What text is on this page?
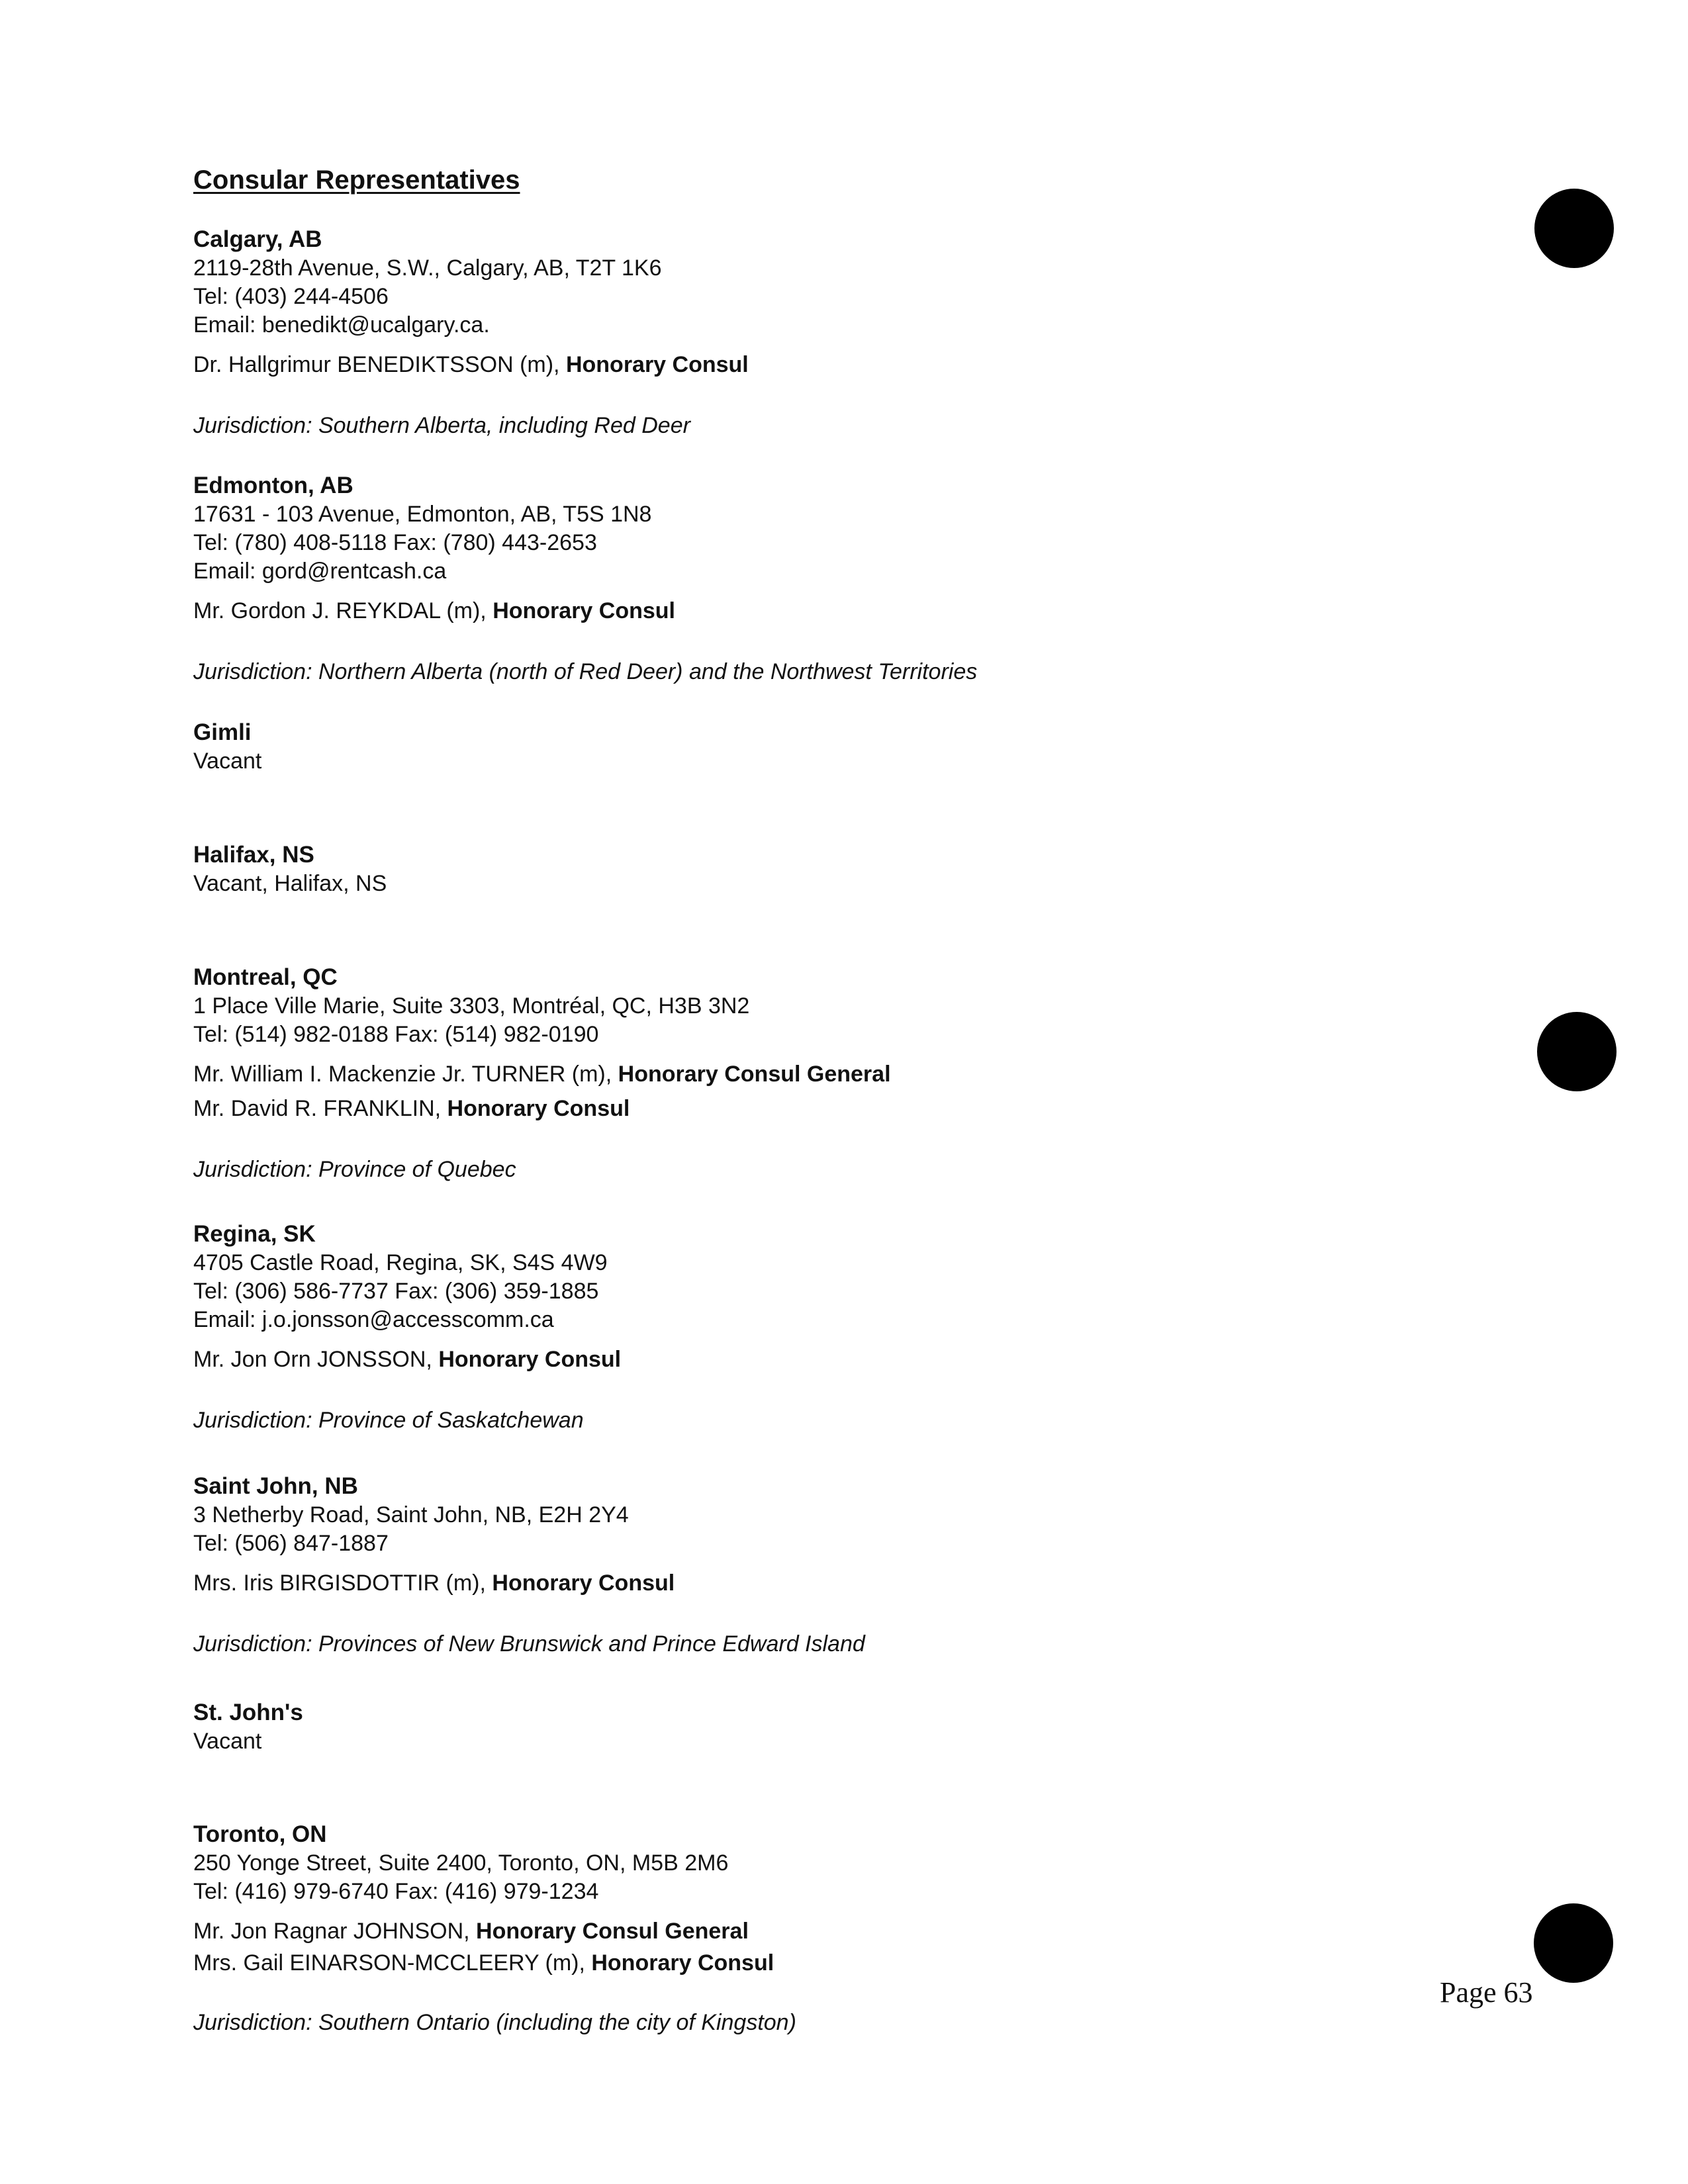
Consular Representatives

Calgary, AB

2119-28th Avenue, S.W., Calgary, AB, T2T 1K6

Tel: (403) 244-4506

Email: benedikt@ucalgary.ca.

Dr. Hallgrimur BENEDIKTSSON (m), Honorary Consul

Jurisdiction: Southern Alberta, including Red Deer

Edmonton, AB

17631 - 103 Avenue, Edmonton, AB, T5S 1N8

Tel: (780) 408-5118 Fax: (780) 443-2653

Email: gord@rentcash.ca

Mr. Gordon J. REYKDAL (m), Honorary Consul

Jurisdiction: Northern Alberta (north of Red Deer) and the Northwest Territories

Gimli

Vacant

Halifax, NS

Vacant, Halifax, NS

Montreal, QC

1 Place Ville Marie, Suite 3303, Montréal, QC, H3B 3N2

Tel: (514) 982-0188 Fax: (514) 982-0190

Mr. William I. Mackenzie Jr. TURNER (m), Honorary Consul General

Mr. David R. FRANKLIN, Honorary Consul

Jurisdiction: Province of Quebec

Regina, SK

4705 Castle Road, Regina, SK, S4S 4W9

Tel: (306) 586-7737 Fax: (306) 359-1885

Email: j.o.jonsson@accesscomm.ca

Mr. Jon Orn JONSSON, Honorary Consul

Jurisdiction: Province of Saskatchewan

Saint John, NB

3 Netherby Road, Saint John, NB, E2H 2Y4

Tel: (506) 847-1887

Mrs. Iris BIRGISDOTTIR (m), Honorary Consul

Jurisdiction: Provinces of New Brunswick and Prince Edward Island

St. John's

Vacant

Toronto, ON

250 Yonge Street, Suite 2400, Toronto, ON, M5B 2M6

Tel: (416) 979-6740 Fax: (416) 979-1234

Mr. Jon Ragnar JOHNSON, Honorary Consul General

Mrs. Gail EINARSON-MCCLEERY (m), Honorary Consul

Jurisdiction: Southern Ontario (including the city of Kingston)

Page 63
